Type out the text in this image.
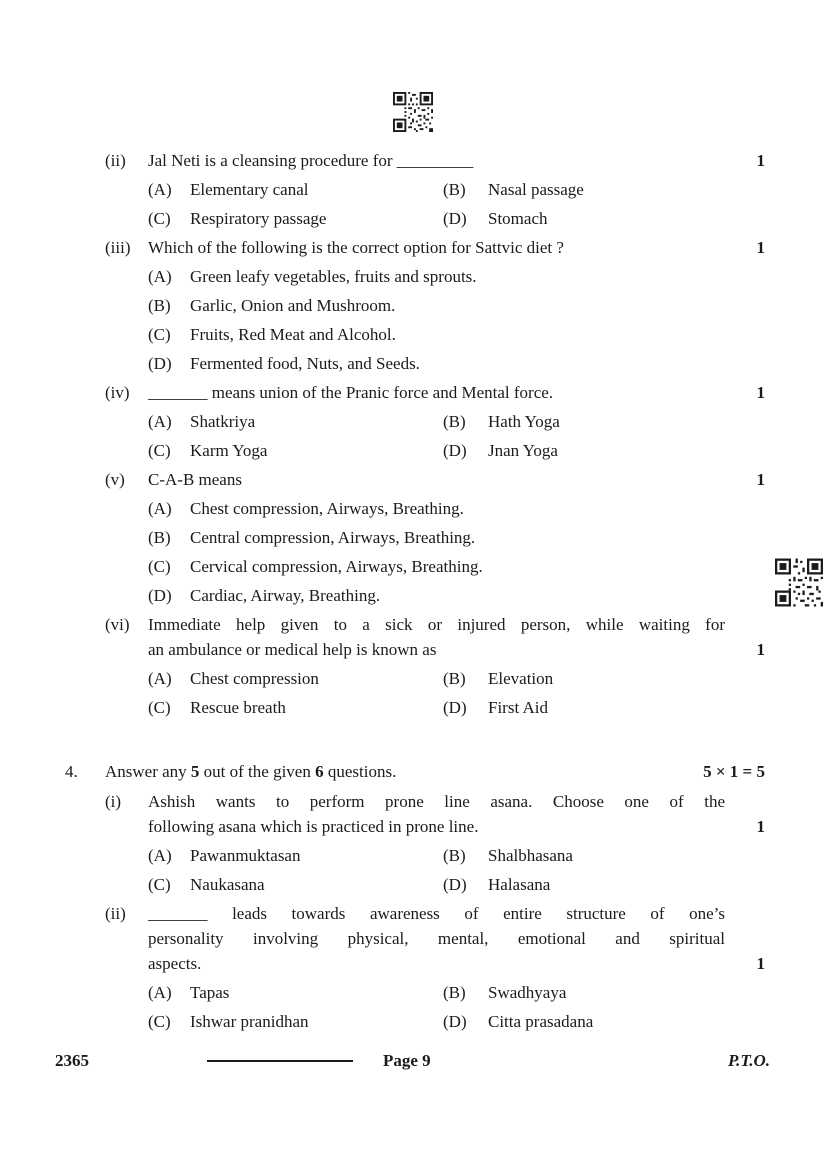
(ii) Jal Neti is a cleansing procedure for _________	1
(A)	Elementary canal	(B)	Nasal passage
(C)	Respiratory passage	(D)	Stomach
(iii) Which of the following is the correct option for Sattvic diet ?	1
(A)	Green leafy vegetables, fruits and sprouts.
(B)	Garlic, Onion and Mushroom.
(C)	Fruits, Red Meat and Alcohol.
(D)	Fermented food, Nuts, and Seeds.
(iv) _______ means union of the Pranic force and Mental force.	1
(A)	Shatkriya	(B)	Hath Yoga
(C)	Karm Yoga	(D)	Jnan Yoga
(v) C-A-B means	1
(A)	Chest compression, Airways, Breathing.
(B)	Central compression, Airways, Breathing.
(C)	Cervical compression, Airways, Breathing.
(D)	Cardiac, Airway, Breathing.
(vi) Immediate help given to a sick or injured person, while waiting for
an ambulance or medical help is known as	1
(A)	Chest compression	(B)	Elevation
(C)	Rescue breath	(D)	First Aid
4. Answer any 5 out of the given 6 questions.	5 × 1 = 5
(i) Ashish wants to perform prone line asana. Choose one of the
following asana which is practiced in prone line.	1
(A)	Pawanmuktasan	(B)	Shalbhasana
(C)	Naukasana	(D)	Halasana
(ii) _______ leads towards awareness of entire structure of one’s
personality involving physical, mental, emotional and spiritual
aspects.	1
(A)	Tapas	(B)	Swadhyaya
(C)	Ishwar pranidhan	(D)	Citta prasadana
2365	Page 9	P.T.O.
